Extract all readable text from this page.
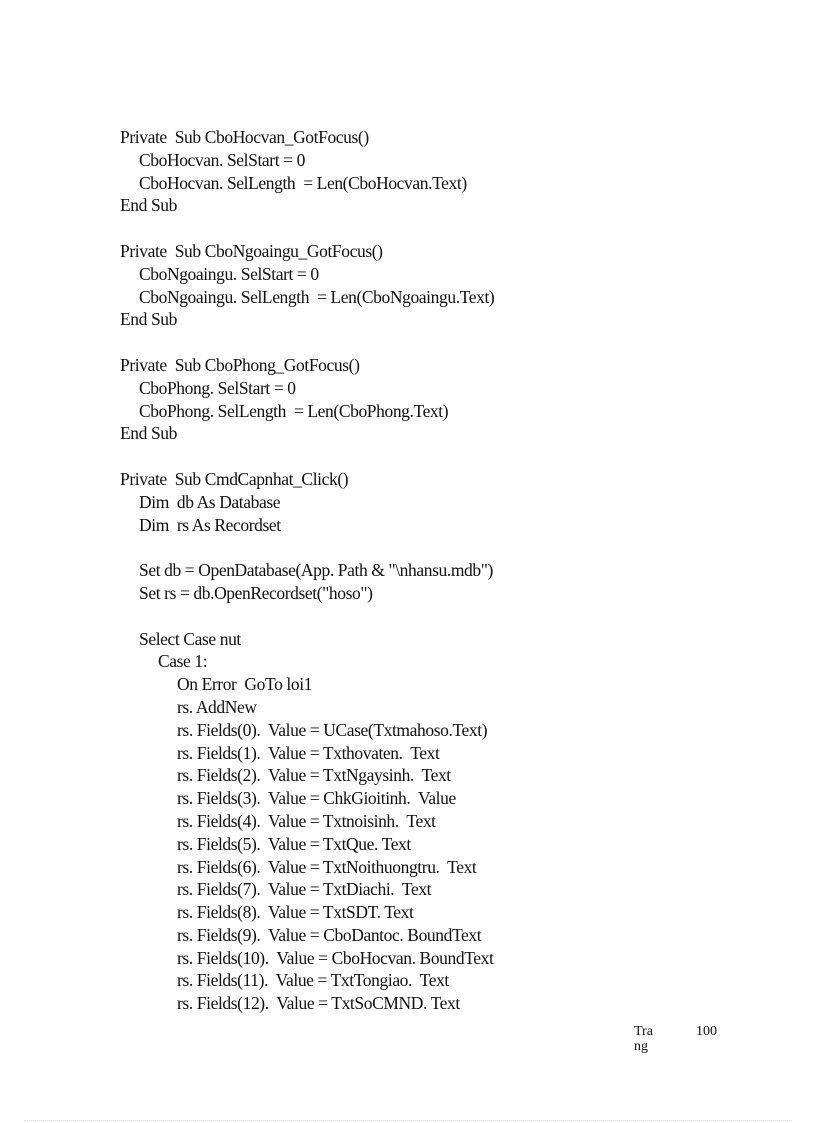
Private  Sub CboHocvan_GotFocus()
CboHocvan. SelStart = 0
CboHocvan. SelLength  = Len(CboHocvan.Text)
End Sub
Private  Sub CboNgoaingu_GotFocus()
CboNgoaingu. SelStart = 0
CboNgoaingu. SelLength  = Len(CboNgoaingu.Text)
End Sub
Private  Sub CboPhong_GotFocus()
CboPhong. SelStart = 0
CboPhong. SelLength  = Len(CboPhong.Text)
End Sub
Private  Sub CmdCapnhat_Click()
Dim  db As Database
Dim  rs As Recordset
Set db = OpenDatabase(App. Path & "\nhansu.mdb")
Set rs = db.OpenRecordset("hoso")
Select Case nut
Case 1:
On Error  GoTo loi1
rs. AddNew
rs. Fields(0).  Value = UCase(Txtmahoso.Text)
rs. Fields(1).  Value = Txthovaten.  Text
rs. Fields(2).  Value = TxtNgaysinh.  Text
rs. Fields(3).  Value = ChkGioitinh.  Value
rs. Fields(4).  Value = Txtnoisinh.  Text
rs. Fields(5).  Value = TxtQue. Text
rs. Fields(6).  Value = TxtNoithuongtru.  Text
rs. Fields(7).  Value = TxtDiachi.  Text
rs. Fields(8).  Value = TxtSDT. Text
rs. Fields(9).  Value = CboDantoc. BoundText
rs. Fields(10).  Value = CboHocvan. BoundText
rs. Fields(11).  Value = TxtTongiao.  Text
rs. Fields(12).  Value = TxtSoCMND. Text
Trang
100
